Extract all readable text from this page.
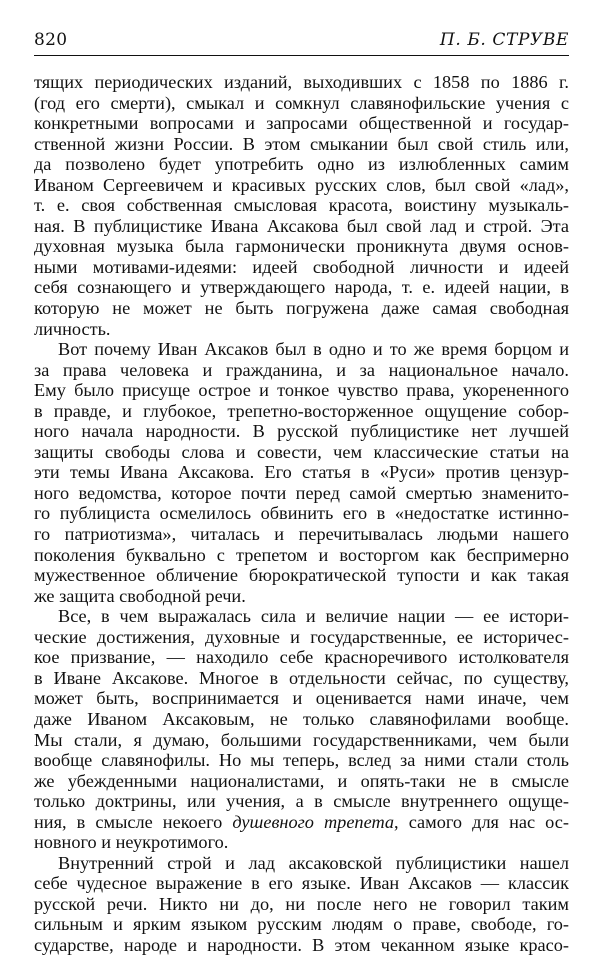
820	П. Б. СТРУВЕ
тящих периодических изданий, выходивших с 1858 по 1886 г.
(год его смерти), смыкал и сомкнул славянофильские учения с
конкретными вопросами и запросами общественной и государ-
ственной жизни России. В этом смыкании был свой стиль или,
да позволено будет употребить одно из излюбленных самим
Иваном Сергеевичем и красивых русских слов, был свой «лад»,
т. е. своя собственная смысловая красота, воистину музыкаль-
ная. В публицистике Ивана Аксакова был свой лад и строй. Эта
духовная музыка была гармонически проникнута двумя основ-
ными мотивами-идеями: идеей свободной личности и идеей
себя сознающего и утверждающего народа, т. е. идеей нации, в
которую не может не быть погружена даже самая свободная
личность.
Вот почему Иван Аксаков был в одно и то же время борцом и
за права человека и гражданина, и за национальное начало.
Ему было присуще острое и тонкое чувство права, укорененного
в правде, и глубокое, трепетно-восторженное ощущение собор-
ного начала народности. В русской публицистике нет лучшей
защиты свободы слова и совести, чем классические статьи на
эти темы Ивана Аксакова. Его статья в «Руси» против цензур-
ного ведомства, которое почти перед самой смертью знаменито-
го публициста осмелилось обвинить его в «недостатке истинно-
го патриотизма», читалась и перечитывалась людьми нашего
поколения буквально с трепетом и восторгом как беспримерно
мужественное обличение бюрократической тупости и как такая
же защита свободной речи.
Все, в чем выражалась сила и величие нации — ее истори-
ческие достижения, духовные и государственные, ее историчес-
кое призвание, — находило себе красноречивого истолкователя
в Иване Аксакове. Многое в отдельности сейчас, по существу,
может быть, воспринимается и оценивается нами иначе, чем
даже Иваном Аксаковым, не только славянофилами вообще.
Мы стали, я думаю, большими государственниками, чем были
вообще славянофилы. Но мы теперь, вслед за ними стали столь
же убежденными националистами, и опять-таки не в смысле
только доктрины, или учения, а в смысле внутреннего ощуще-
ния, в смысле некоего душевного трепета, самого для нас ос-
новного и неукротимого.
Внутренний строй и лад аксаковской публицистики нашел
себе чудесное выражение в его языке. Иван Аксаков — классик
русской речи. Никто ни до, ни после него не говорил таким
сильным и ярким языком русским людям о праве, свободе, го-
сударстве, народе и народности. В этом чеканном языке красо-
